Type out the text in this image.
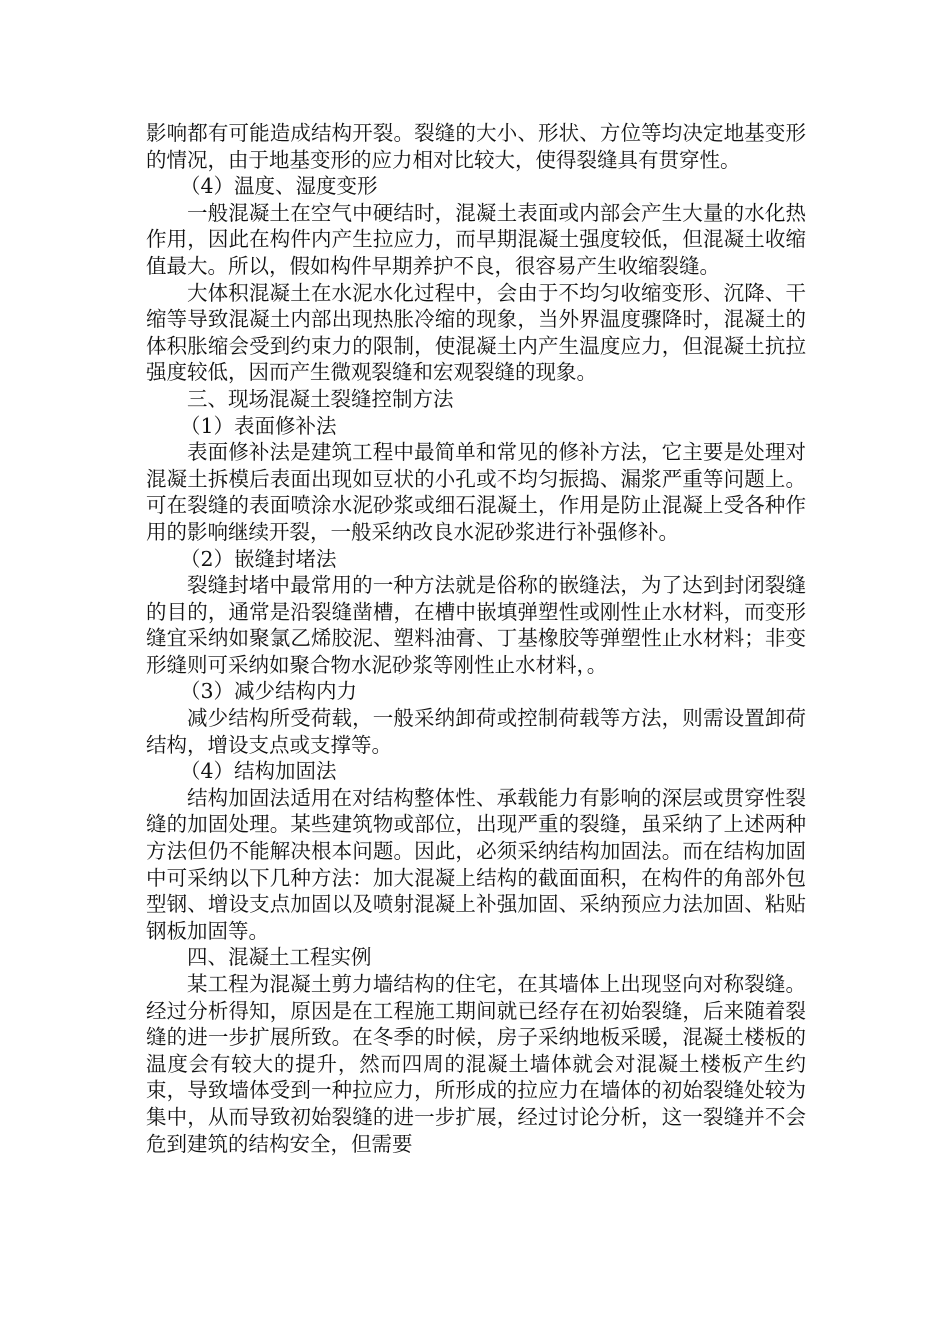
影响都有可能造成结构开裂。裂缝的大小、形状、方位等均决定地基变形的情况，由于地基变形的应力相对比较大，使得裂缝具有贯穿性。

（4）温度、湿度变形

一般混凝土在空气中硬结时，混凝土表面或内部会产生大量的水化热作用，因此在构件内产生拉应力，而早期混凝土强度较低，但混凝土收缩值最大。所以，假如构件早期养护不良，很容易产生收缩裂缝。

大体积混凝土在水泥水化过程中，会由于不均匀收缩变形、沉降、干缩等导致混凝土内部出现热胀冷缩的现象，当外界温度骤降时，混凝土的体积胀缩会受到约束力的限制，使混凝土内产生温度应力，但混凝土抗拉强度较低，因而产生微观裂缝和宏观裂缝的现象。

三、现场混凝土裂缝控制方法

（1）表面修补法

表面修补法是建筑工程中最简单和常见的修补方法，它主要是处理对混凝土拆模后表面出现如豆状的小孔或不均匀振捣、漏浆严重等问题上。可在裂缝的表面喷涂水泥砂浆或细石混凝土，作用是防止混凝上受各种作用的影响继续开裂，一般采纳改良水泥砂浆进行补强修补。

（2）嵌缝封堵法

裂缝封堵中最常用的一种方法就是俗称的嵌缝法，为了达到封闭裂缝的目的，通常是沿裂缝凿槽，在槽中嵌填弹塑性或刚性止水材料，而变形缝宜采纳如聚氯乙烯胶泥、塑料油膏、丁基橡胶等弹塑性止水材料；非变形缝则可采纳如聚合物水泥砂浆等刚性止水材料，。

（3）减少结构内力

减少结构所受荷载，一般采纳卸荷或控制荷载等方法，则需设置卸荷结构，增设支点或支撑等。

（4）结构加固法

结构加固法适用在对结构整体性、承载能力有影响的深层或贯穿性裂缝的加固处理。某些建筑物或部位，出现严重的裂缝，虽采纳了上述两种方法但仍不能解决根本问题。因此，必须采纳结构加固法。而在结构加固中可采纳以下几种方法：加大混凝上结构的截面面积，在构件的角部外包型钢、增设支点加固以及喷射混凝上补强加固、采纳预应力法加固、粘贴钢板加固等。

四、混凝土工程实例

某工程为混凝土剪力墙结构的住宅，在其墙体上出现竖向对称裂缝。经过分析得知，原因是在工程施工期间就已经存在初始裂缝，后来随着裂缝的进一步扩展所致。在冬季的时候，房子采纳地板采暖，混凝土楼板的温度会有较大的提升，然而四周的混凝土墙体就会对混凝土楼板产生约束，导致墙体受到一种拉应力，所形成的拉应力在墙体的初始裂缝处较为集中，从而导致初始裂缝的进一步扩展，经过讨论分析，这一裂缝并不会危到建筑的结构安全，但需要
